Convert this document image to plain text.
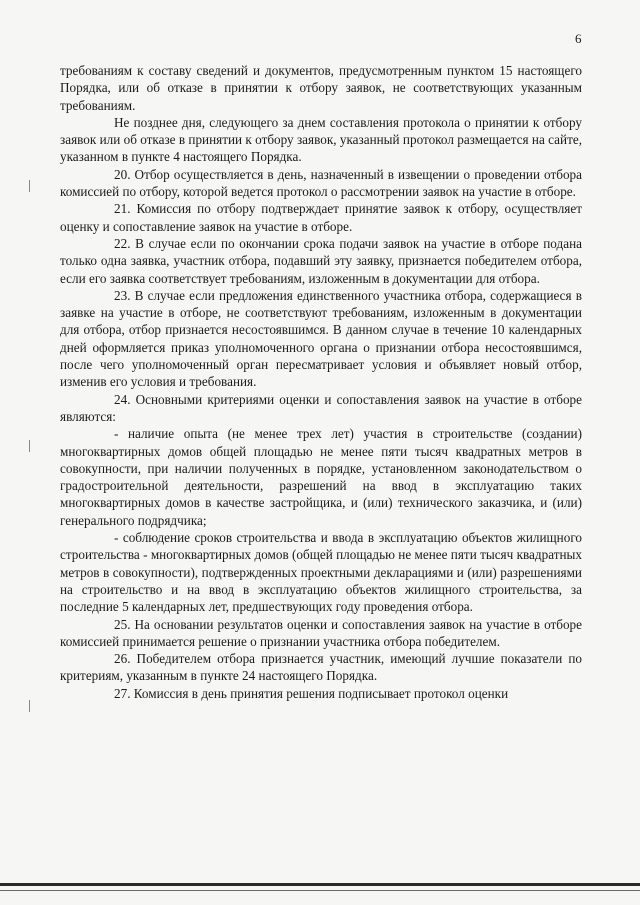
6

требованиям к составу сведений и документов, предусмотренным пунктом 15 настоящего Порядка, или об отказе в принятии к отбору заявок, не соответствующих указанным требованиям.

Не позднее дня, следующего за днем составления протокола о принятии к отбору заявок или об отказе в принятии к отбору заявок, указанный протокол размещается на сайте, указанном в пункте 4 настоящего Порядка.

20. Отбор осуществляется в день, назначенный в извещении о проведении отбора комиссией по отбору, которой ведется протокол о рассмотрении заявок на участие в отборе.

21. Комиссия по отбору подтверждает принятие заявок к отбору, осуществляет оценку и сопоставление заявок на участие в отборе.

22. В случае если по окончании срока подачи заявок на участие в отборе подана только одна заявка, участник отбора, подавший эту заявку, признается победителем отбора, если его заявка соответствует требованиям, изложенным в документации для отбора.

23. В случае если предложения единственного участника отбора, содержащиеся в заявке на участие в отборе, не соответствуют требованиям, изложенным в документации для отбора, отбор признается несостоявшимся. В данном случае в течение 10 календарных дней оформляется приказ уполномоченного органа о признании отбора несостоявшимся, после чего уполномоченный орган пересматривает условия и объявляет новый отбор, изменив его условия и требования.

24. Основными критериями оценки и сопоставления заявок на участие в отборе являются:

- наличие опыта (не менее трех лет) участия в строительстве (создании) многоквартирных домов общей площадью не менее пяти тысяч квадратных метров в совокупности, при наличии полученных в порядке, установленном законодательством о градостроительной деятельности, разрешений на ввод в эксплуатацию таких многоквартирных домов в качестве застройщика, и (или) технического заказчика, и (или) генерального подрядчика;

- соблюдение сроков строительства и ввода в эксплуатацию объектов жилищного строительства - многоквартирных домов (общей площадью не менее пяти тысяч квадратных метров в совокупности), подтвержденных проектными декларациями и (или) разрешениями на строительство и на ввод в эксплуатацию объектов жилищного строительства, за последние 5 календарных лет, предшествующих году проведения отбора.

25. На основании результатов оценки и сопоставления заявок на участие в отборе комиссией принимается решение о признании участника отбора победителем.

26. Победителем отбора признается участник, имеющий лучшие показатели по критериям, указанным в пункте 24 настоящего Порядка.

27. Комиссия в день принятия решения подписывает протокол оценки
